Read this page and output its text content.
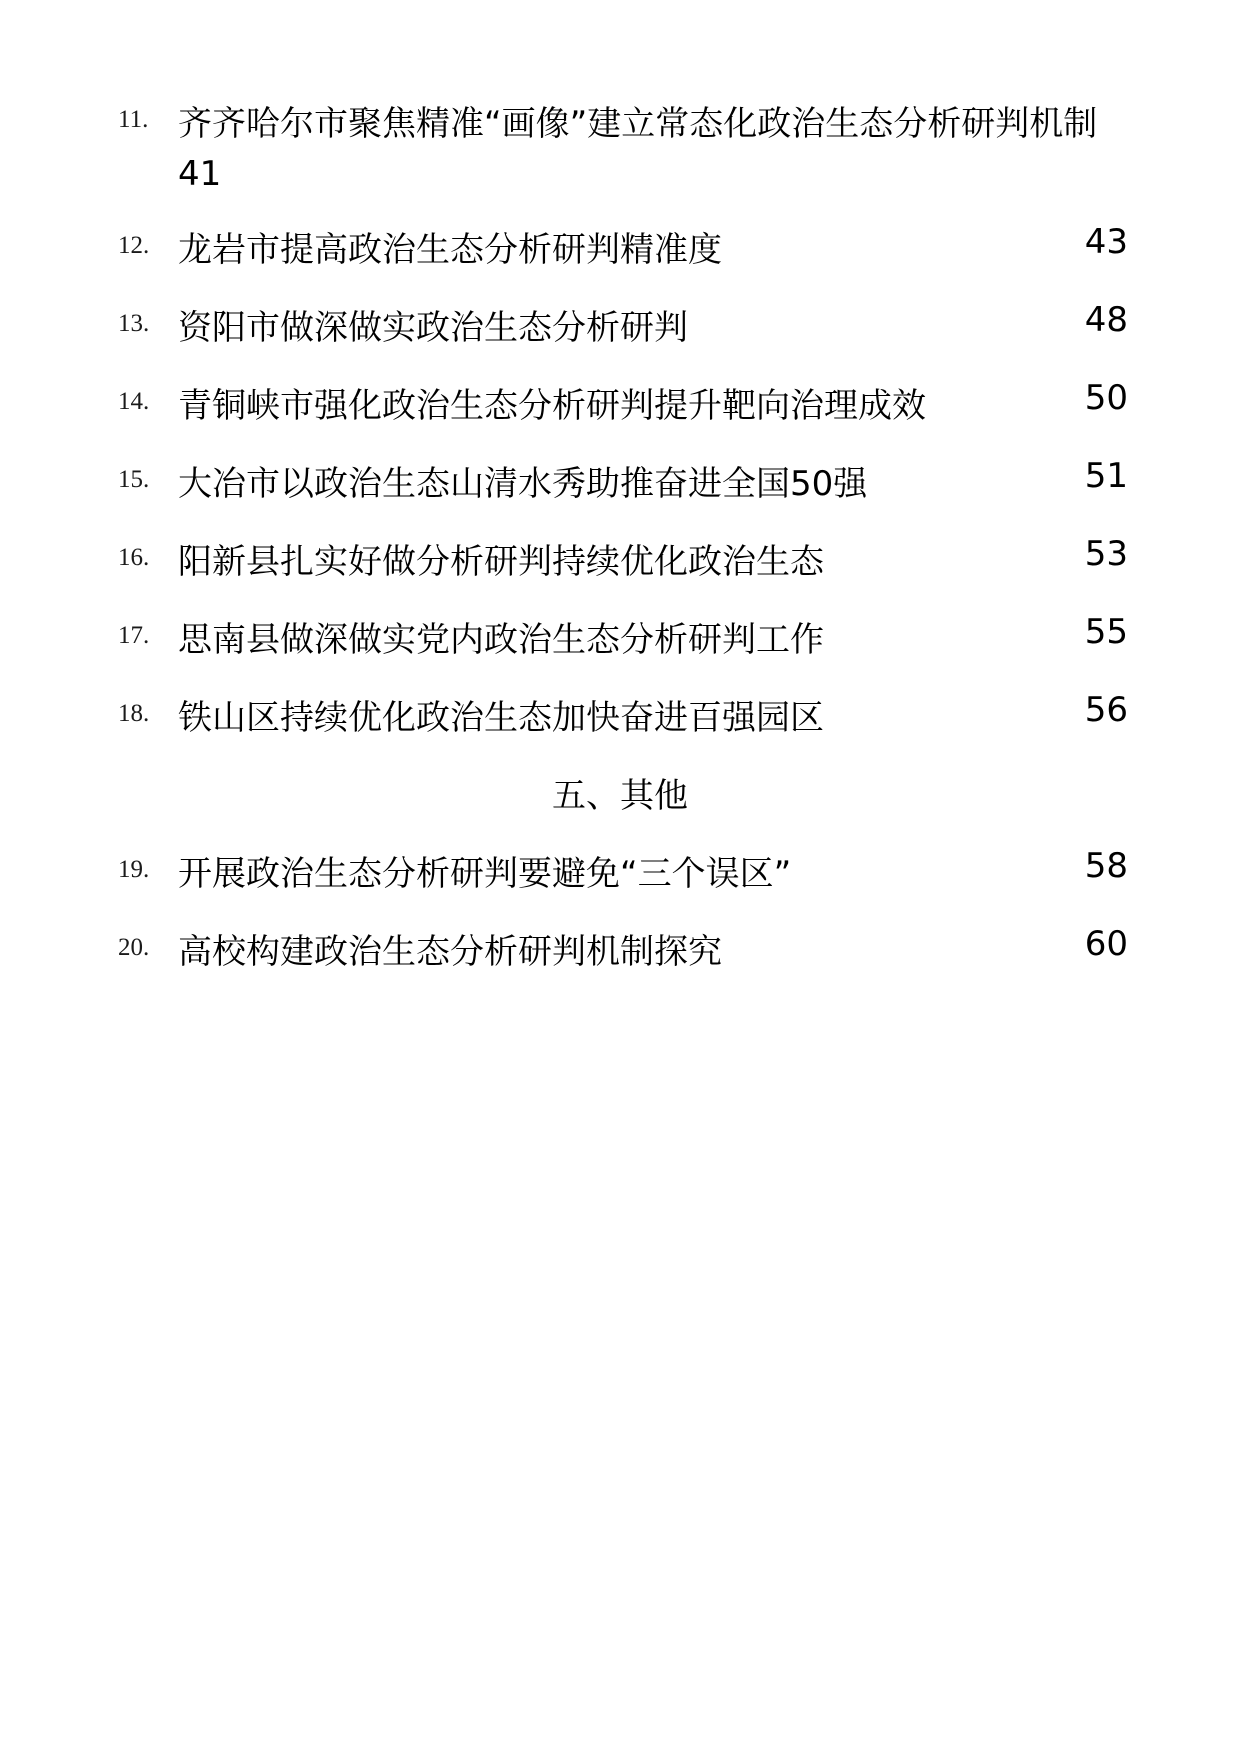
11. 齐齐哈尔市聚焦精准“画像”建立常态化政治生态分析研判机制
41
12. 龙岩市提高政治生态分析研判精准度	43
13. 资阳市做深做实政治生态分析研判	48
14. 青铜峡市强化政治生态分析研判提升靶向治理成效	50
15. 大冶市以政治生态山清水秀助推奋进全国50强	51
16. 阳新县扎实好做分析研判持续优化政治生态	53
17. 思南县做深做实党内政治生态分析研判工作	55
18. 铁山区持续优化政治生态加快奋进百强园区	56
五、其他
19. 开展政治生态分析研判要避免“三个误区”	58
20. 高校构建政治生态分析研判机制探究	60
